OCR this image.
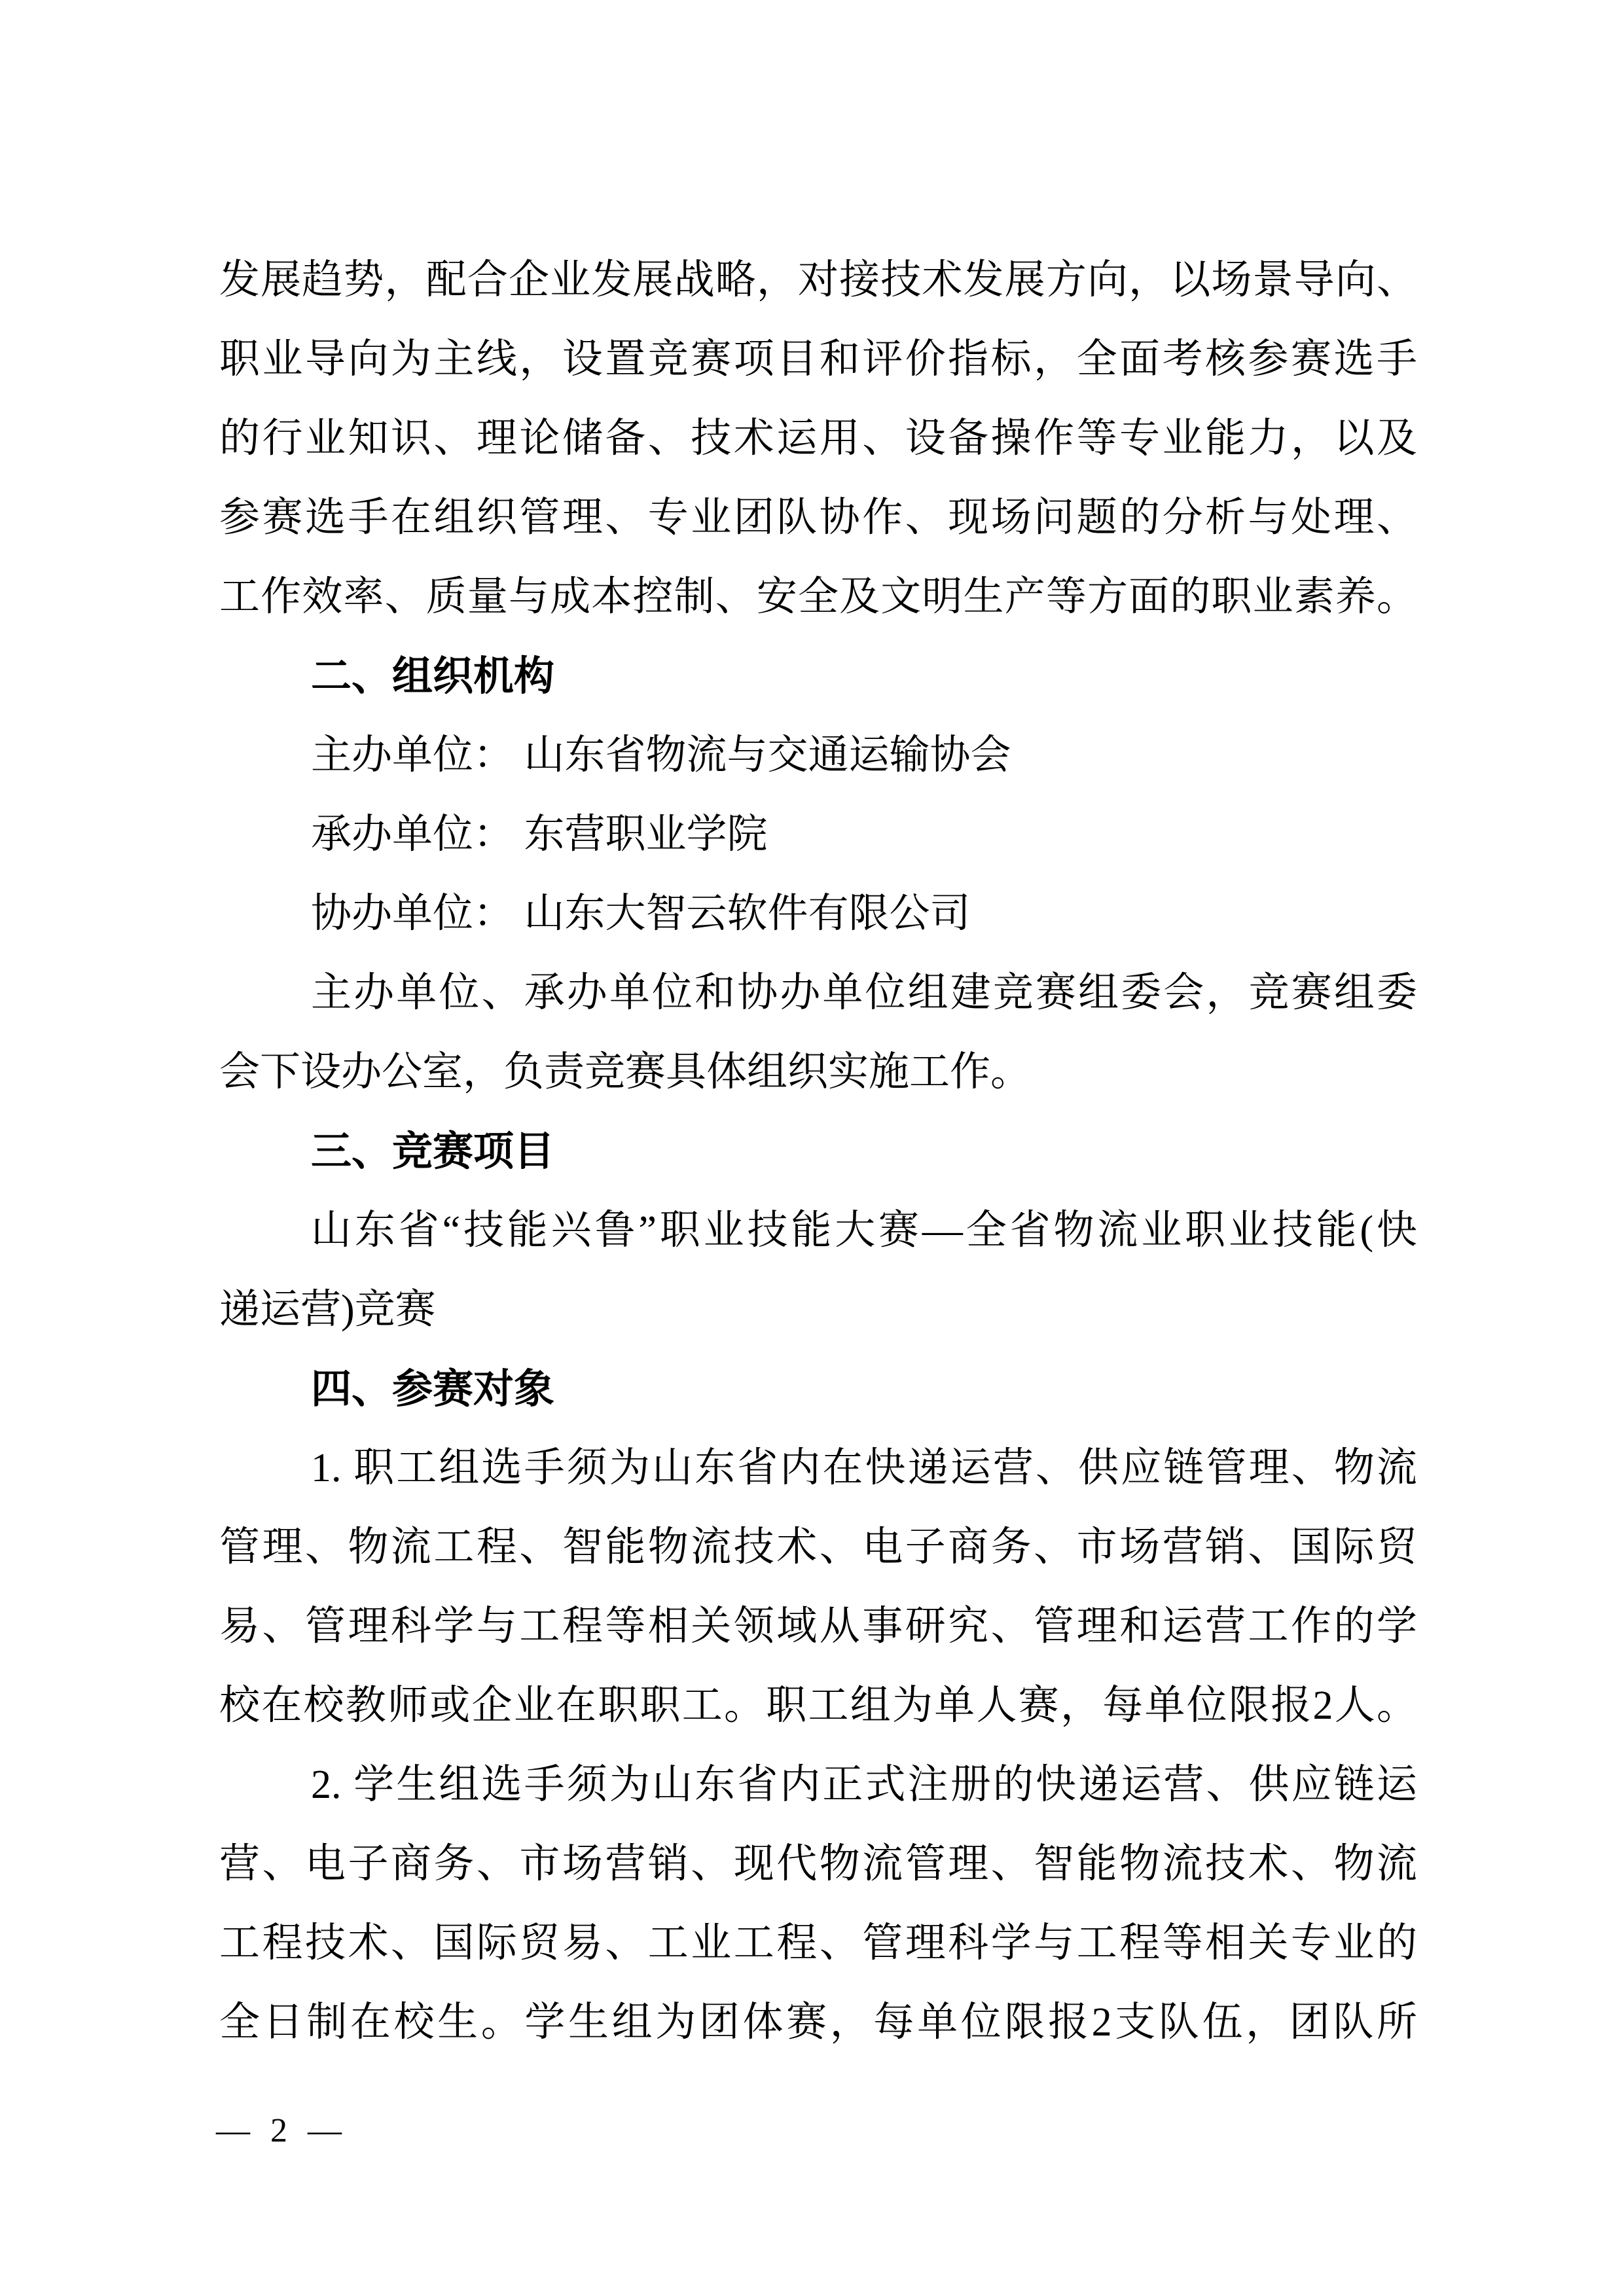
发展趋势，配合企业发展战略，对接技术发展方向，以场景导向、
职业导向为主线，设置竞赛项目和评价指标，全面考核参赛选手
的行业知识、理论储备、技术运用、设备操作等专业能力，以及
参赛选手在组织管理、专业团队协作、现场问题的分析与处理、
工作效率、质量与成本控制、安全及文明生产等方面的职业素养。
二、组织机构
主办单位： 山东省物流与交通运输协会
承办单位： 东营职业学院
协办单位： 山东大智云软件有限公司
主办单位、承办单位和协办单位组建竞赛组委会，竞赛组委
会下设办公室，负责竞赛具体组织实施工作。
三、竞赛项目
山东省“技能兴鲁”职业技能大赛—全省物流业职业技能(快
递运营)竞赛
四、参赛对象
1. 职工组选手须为山东省内在快递运营、供应链管理、物流
管理、物流工程、智能物流技术、电子商务、市场营销、国际贸
易、管理科学与工程等相关领域从事研究、管理和运营工作的学
校在校教师或企业在职职工。职工组为单人赛，每单位限报2人。
2. 学生组选手须为山东省内正式注册的快递运营、供应链运
营、电子商务、市场营销、现代物流管理、智能物流技术、物流
工程技术、国际贸易、工业工程、管理科学与工程等相关专业的
全日制在校生。学生组为团体赛，每单位限报2支队伍，团队所
— 2 —
